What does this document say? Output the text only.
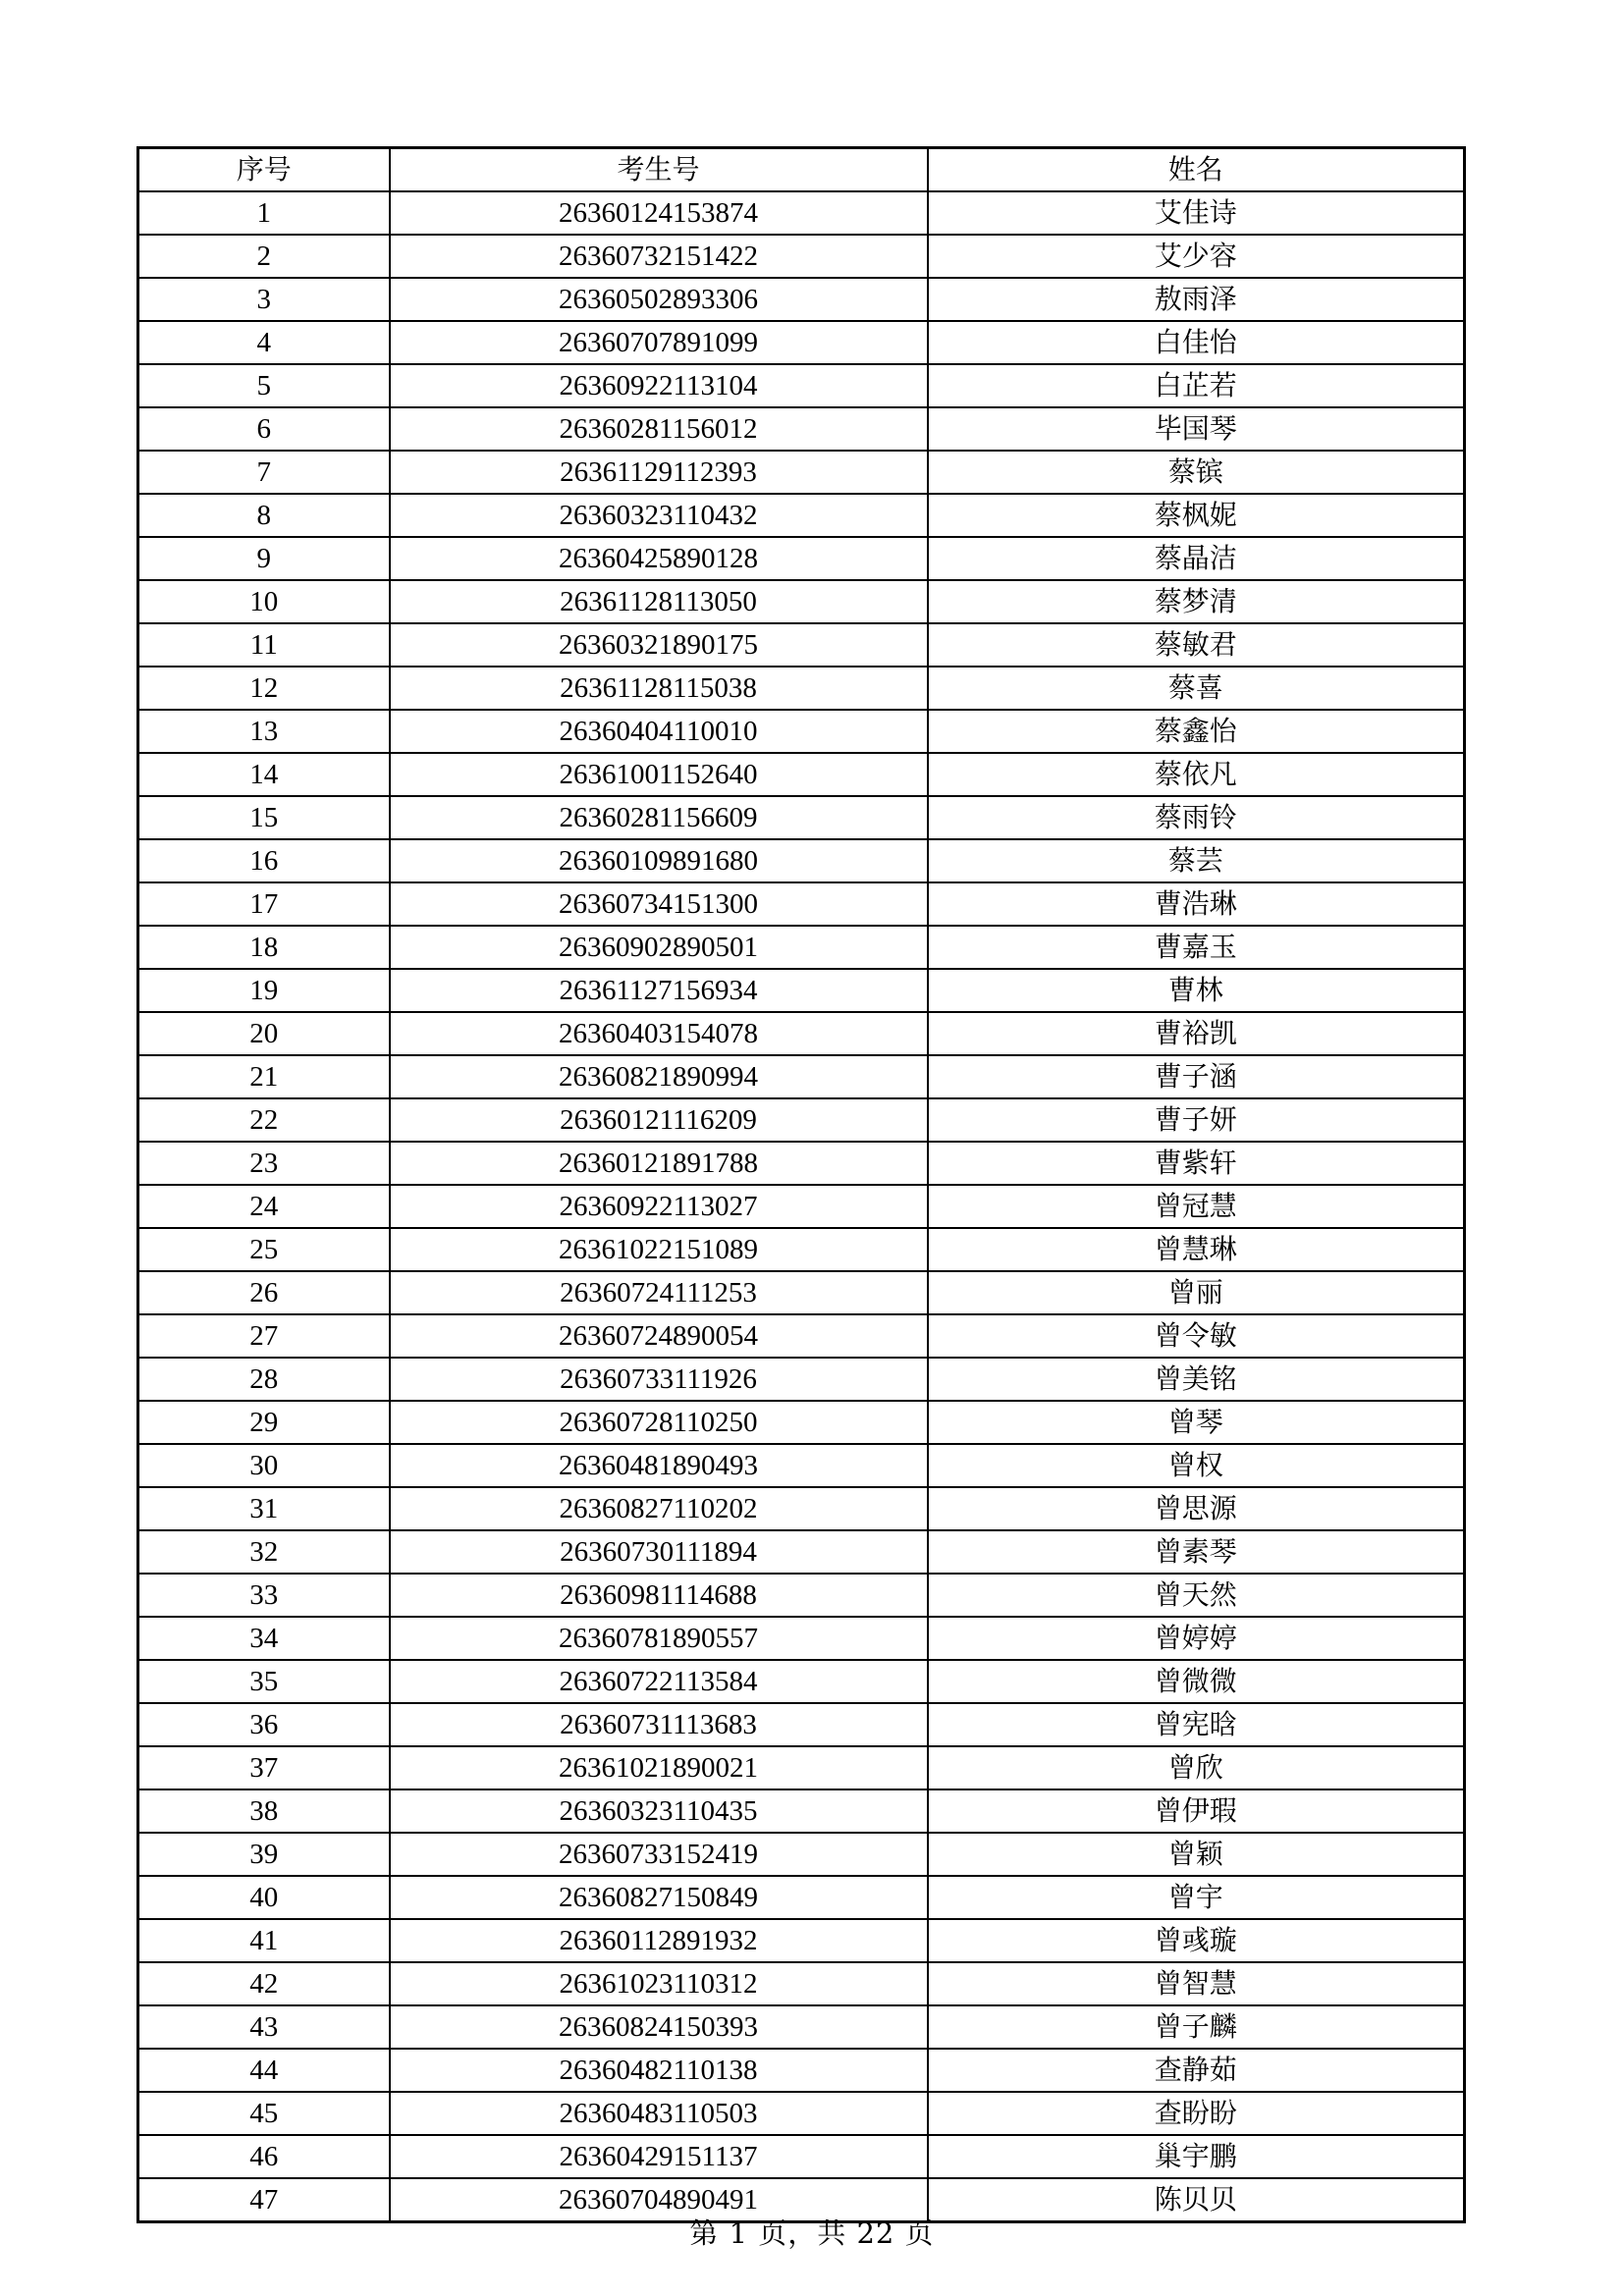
序号	考生号	姓名
1	26360124153874	艾佳诗
2	26360732151422	艾少容
3	26360502893306	敖雨泽
4	26360707891099	白佳怡
5	26360922113104	白芷若
6	26360281156012	毕国琴
7	26361129112393	蔡镔
8	26360323110432	蔡枫妮
9	26360425890128	蔡晶洁
10	26361128113050	蔡梦清
11	26360321890175	蔡敏君
12	26361128115038	蔡喜
13	26360404110010	蔡鑫怡
14	26361001152640	蔡依凡
15	26360281156609	蔡雨铃
16	26360109891680	蔡芸
17	26360734151300	曹浩琳
18	26360902890501	曹嘉玉
19	26361127156934	曹林
20	26360403154078	曹裕凯
21	26360821890994	曹子涵
22	26360121116209	曹子妍
23	26360121891788	曹紫轩
24	26360922113027	曾冠慧
25	26361022151089	曾慧琳
26	26360724111253	曾丽
27	26360724890054	曾令敏
28	26360733111926	曾美铭
29	26360728110250	曾琴
30	26360481890493	曾权
31	26360827110202	曾思源
32	26360730111894	曾素琴
33	26360981114688	曾天然
34	26360781890557	曾婷婷
35	26360722113584	曾微微
36	26360731113683	曾宪晗
37	26361021890021	曾欣
38	26360323110435	曾伊瑕
39	26360733152419	曾颖
40	26360827150849	曾宇
41	26360112891932	曾彧璇
42	26361023110312	曾智慧
43	26360824150393	曾子麟
44	26360482110138	查静茹
45	26360483110503	查盼盼
46	26360429151137	巢宇鹏
47	26360704890491	陈贝贝
第 1 页，共 22 页
